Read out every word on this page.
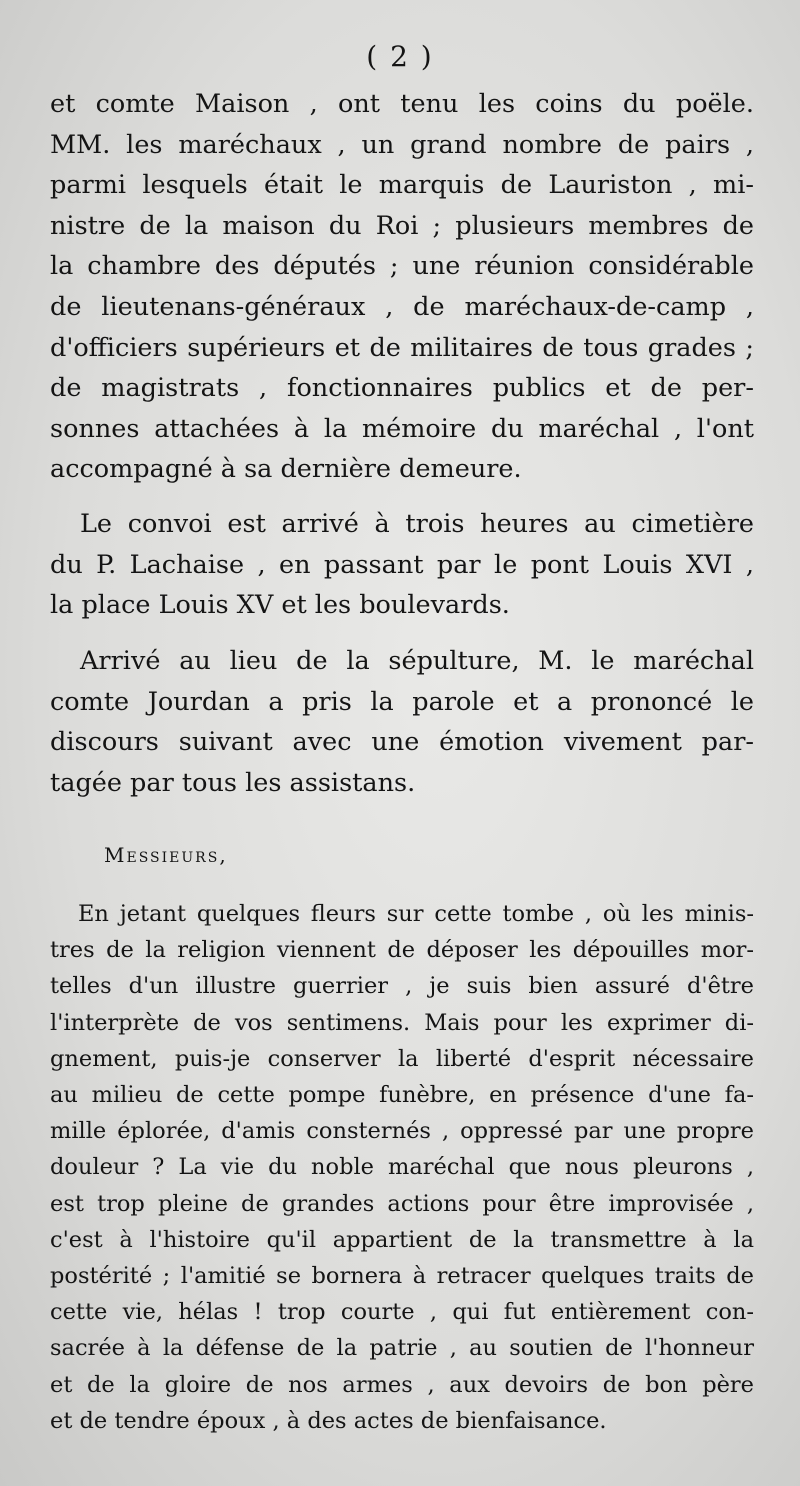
( 2 )

et comte Maison , ont tenu les coins du poële.
MM. les maréchaux , un grand nombre de pairs ,
parmi lesquels était le marquis de Lauriston , mi-
nistre de la maison du Roi ; plusieurs membres de
la chambre des députés ; une réunion considérable
de lieutenans-généraux , de maréchaux-de-camp ,
d'officiers supérieurs et de militaires de tous grades ;
de magistrats , fonctionnaires publics et de per-
sonnes attachées à la mémoire du maréchal , l'ont
accompagné à sa dernière demeure.

Le convoi est arrivé à trois heures au cimetière
du P. Lachaise , en passant par le pont Louis XVI ,
la place Louis XV et les boulevards.

Arrivé au lieu de la sépulture, M. le maréchal
comte Jourdan a pris la parole et a prononcé le
discours suivant avec une émotion vivement par-
tagée par tous les assistans.

Messieurs,

En jetant quelques fleurs sur cette tombe , où les minis-
tres de la religion viennent de déposer les dépouilles mor-
telles d'un illustre guerrier , je suis bien assuré d'être
l'interprète de vos sentimens. Mais pour les exprimer di-
gnement, puis-je conserver la liberté d'esprit nécessaire
au milieu de cette pompe funèbre, en présence d'une fa-
mille éplorée, d'amis consternés , oppressé par une propre
douleur ? La vie du noble maréchal que nous pleurons ,
est trop pleine de grandes actions pour être improvisée ,
c'est à l'histoire qu'il appartient de la transmettre à la
postérité ; l'amitié se bornera à retracer quelques traits de
cette vie, hélas ! trop courte , qui fut entièrement con-
sacrée à la défense de la patrie , au soutien de l'honneur
et de la gloire de nos armes , aux devoirs de bon père
et de tendre époux , à des actes de bienfaisance.
